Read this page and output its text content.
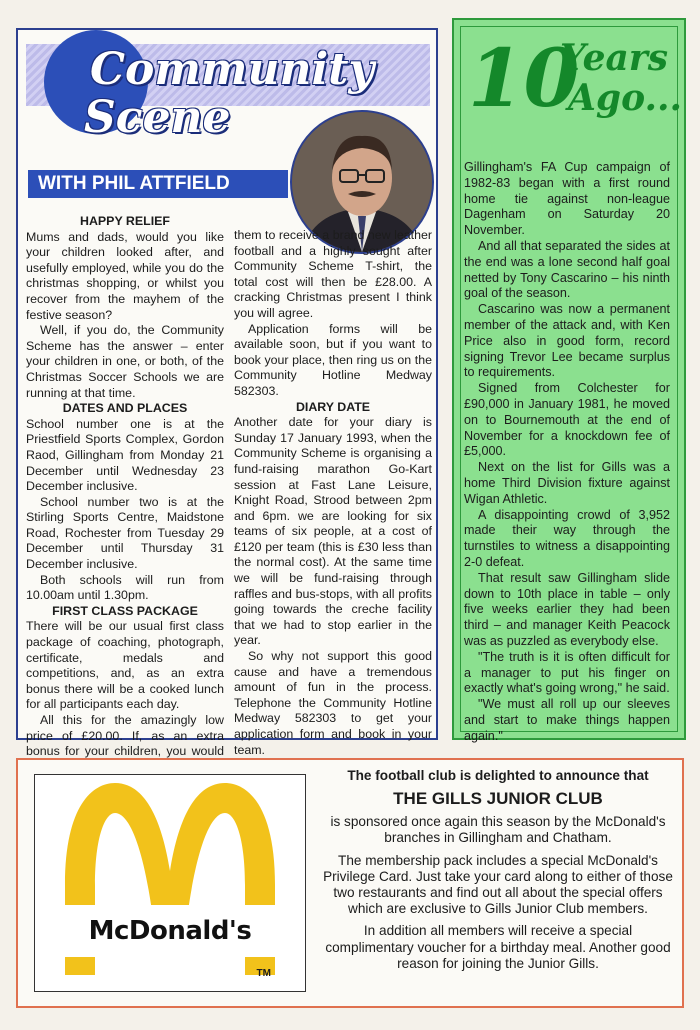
Community
Scene
WITH PHIL ATTFIELD
HAPPY RELIEF

Mums and dads, would you like your children looked after, and usefully employed, while you do the christmas shopping, or whilst you recover from the mayhem of the festive season?

Well, if you do, the Community Scheme has the answer – enter your children in one, or both, of the Christmas Soccer Schools we are running at that time.

DATES AND PLACES

School number one is at the Priestfield Sports Complex, Gordon Raod, Gillingham from Monday 21 December until Wednesday 23 December inclusive.

School number two is at the Stirling Sports Centre, Maidstone Road, Rochester from Tuesday 29 December until Thursday 31 December inclusive.

Both schools will run from 10.00am until 1.30pm.

FIRST CLASS PACKAGE

There will be our usual first class package of coaching, photograph, certificate, medals and competitions, and, as an extra bonus there will be a cooked lunch for all participants each day.

All this for the amazingly low price of £20.00. If, as an extra bonus for your children, you would

them to receive a brand new leather football and a highly sought after Community Scheme T-shirt, the total cost will then be £28.00. A cracking Christmas present I think you will agree.

Application forms will be available soon, but if you want to book your place, then ring us on the Community Hotline Medway 582303.

DIARY DATE

Another date for your diary is Sunday 17 January 1993, when the Community Scheme is organising a fund-raising marathon Go-Kart session at Fast Lane Leisure, Knight Road, Strood between 2pm and 6pm. we are looking for six teams of six people, at a cost of £120 per team (this is £30 less than the normal cost). At the same time we will be fund-raising through raffles and bus-stops, with all profits going towards the creche facility that we had to stop earlier in the year.

So why not support this good cause and have a tremendous amount of fun in the process. Telephone the Community Hotline Medway 582303 to get your application form and book in your team.

10
Years
Ago...

Gillingham's FA Cup campaign of 1982-83 began with a first round home tie against non-league Dagenham on Saturday 20 November.

And all that separated the sides at the end was a lone second half goal netted by Tony Cascarino – his ninth goal of the season.

Cascarino was now a permanent member of the attack and, with Ken Price also in good form, record signing Trevor Lee became surplus to requirements.

Signed from Colchester for £90,000 in January 1981, he moved on to Bournemouth at the end of November for a knockdown fee of £5,000.

Next on the list for Gills was a home Third Division fixture against Wigan Athletic.

A disappointing crowd of 3,952 made their way through the turnstiles to witness a disappointing 2-0 defeat.

That result saw Gillingham slide down to 10th place in table – only five weeks earlier they had been third – and manager Keith Peacock was as puzzled as everybody else.

"The truth is it is often difficult for a manager to put his finger on exactly what's going wrong," he said.

"We must all roll up our sleeves and start to make things happen again."

McDonald's
TM

The football club is delighted to announce that

THE GILLS JUNIOR CLUB

is sponsored once again this season by the McDonald's branches in Gillingham and Chatham.

The membership pack includes a special McDonald's Privilege Card. Just take your card along to either of those two restaurants and find out all about the special offers which are exclusive to Gills Junior Club members.

In addition all members will receive a special complimentary voucher for a birthday meal. Another good reason for joining the Junior Gills.
